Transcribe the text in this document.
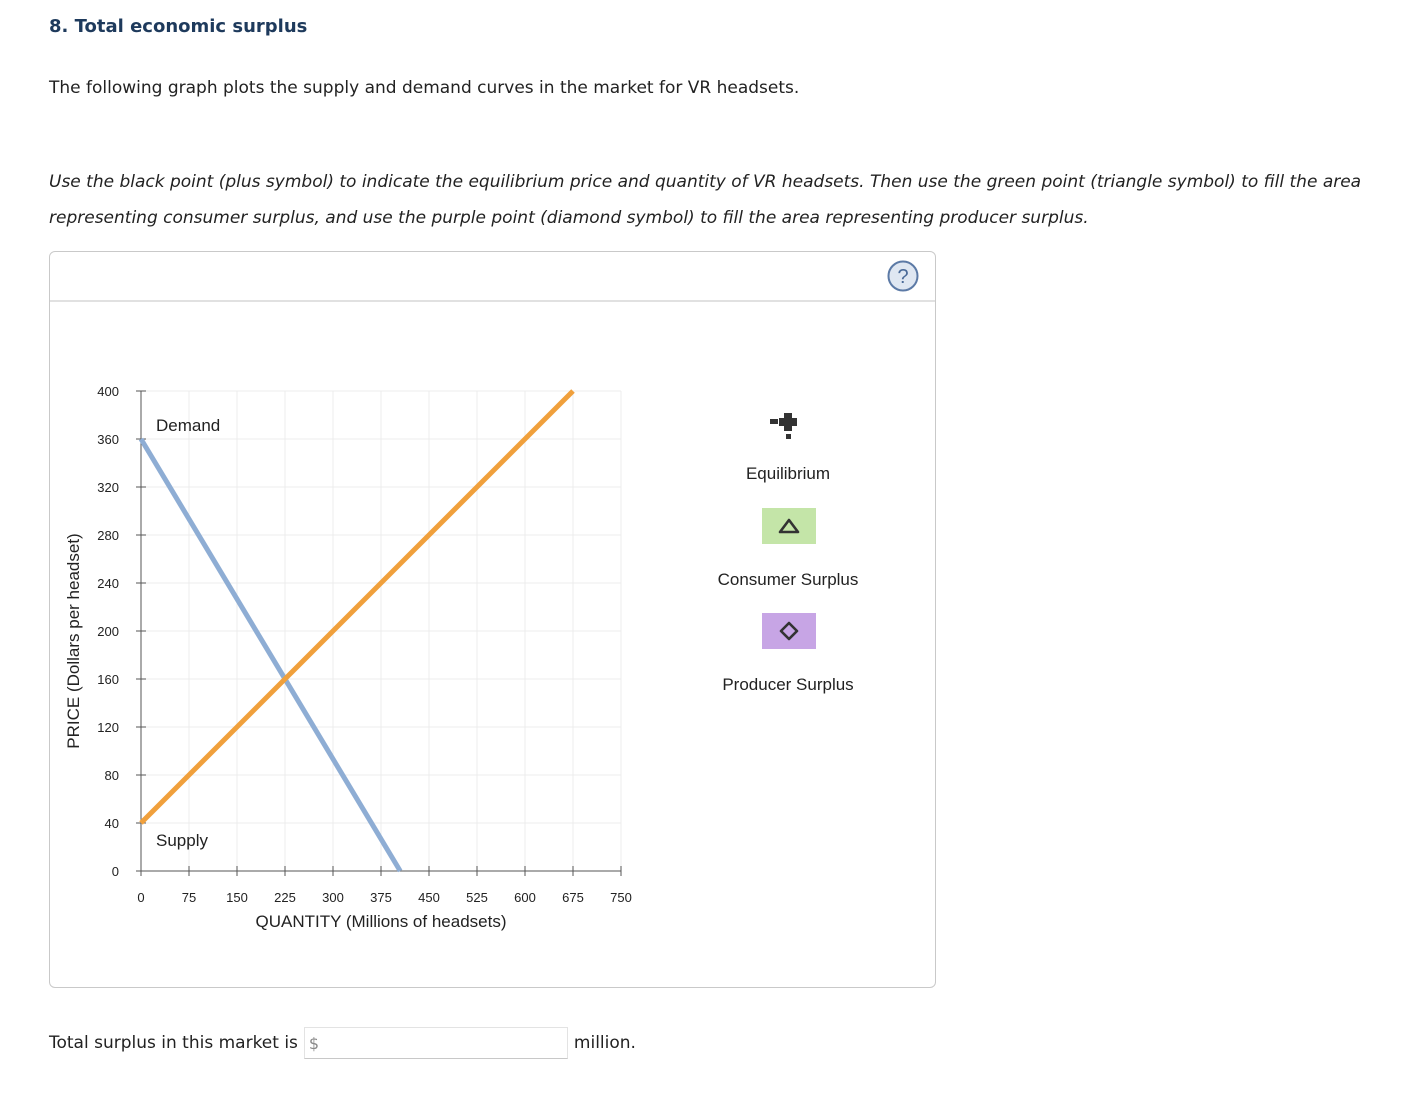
8. Total economic surplus
The following graph plots the supply and demand curves in the market for VR headsets.
Use the black point (plus symbol) to indicate the equilibrium price and quantity of VR headsets. Then use the green point (triangle symbol) to fill the area representing consumer surplus, and use the purple point (diamond symbol) to fill the area representing producer surplus.
?
0	75 150 225 300 375 450 525 600 675 750
0
40
80
120
160
200
240
280
320
360
400
Demand
Supply
QUANTITY (Millions of headsets)
PRICE (Dollars per headset)
Equilibrium
Consumer Surplus
Producer Surplus
Total surplus in this market is $	million.
